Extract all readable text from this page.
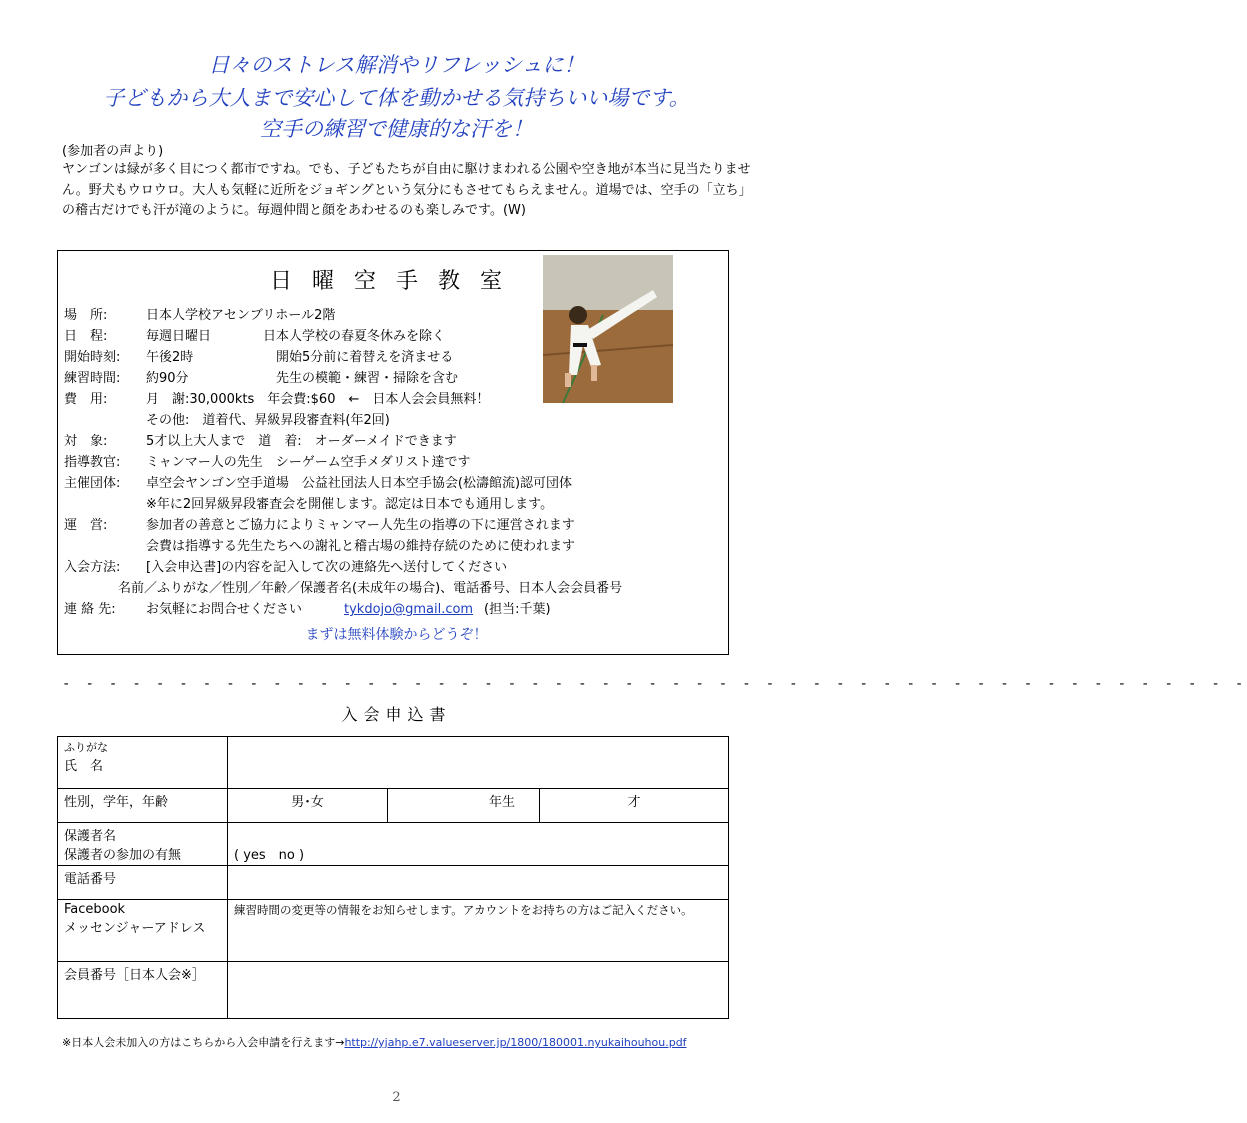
日々のストレス解消やリフレッシュに！
子どもから大人まで安心して体を動かせる気持ちいい場です。
空手の練習で健康的な汗を！
(参加者の声より)
ヤンゴンは緑が多く目につく都市ですね。でも、子どもたちが自由に駆けまわれる公園や空き地が本当に見当たりません。野犬もウロウロ。大人も気軽に近所をジョギングという気分にもさせてもらえません。道場では、空手の「立ち」の稽古だけでも汗が滝のように。毎週仲間と顔をあわせるのも楽しみです。(W)
日曜空手教室
場　所:	日本人学校アセンブリホール2階
日　程:	毎週日曜日	日本人学校の春夏冬休みを除く
開始時刻: 午後2時	開始5分前に着替えを済ませる
練習時間: 約90分	先生の模範・練習・掃除を含む
費　用:	月　謝:30,000kts　年会費:$60　←　日本人会会員無料！
その他:　道着代、昇級昇段審査料(年2回)
対　象:	5才以上大人まで　道　着:　オーダーメイドできます
指導教官: ミャンマー人の先生　シーゲーム空手メダリスト達です
主催団体: 卓空会ヤンゴン空手道場　公益社団法人日本空手協会(松濤館流)認可団体
※年に2回昇級昇段審査会を開催します。認定は日本でも通用します。
運　営:	参加者の善意とご協力によりミャンマー人先生の指導の下に運営されます
会費は指導する先生たちへの謝礼と稽古場の維持存続のために使われます
入会方法: [入会申込書]の内容を記入して次の連絡先へ送付してください
名前／ふりがな／性別／年齢／保護者名(未成年の場合)、電話番号、日本人会会員番号
連 絡 先: お気軽にお問合せください	tykdojo@gmail.com (担当:千葉)
まずは無料体験からどうぞ！
- - - - - - - - - - - - - - - - - - - - - - - - - - - - - - - - - - - - - - - - - - - - - - - - - - -
入会申込書
ふりがな
氏　名			

性別，学年，年齢	男･女	年生	才

保護者名
保護者の参加の有無	( yes　no )		
電話番号			

Facebook
メッセンジャーアドレス	練習時間の変更等の情報をお知らせします。アカウントをお持ちの方はご記入ください。		
会員番号［日本人会※］			
※日本人会未加入の方はこちらから入会申請を行えます→http://yjahp.e7.valueserver.jp/1800/180001.nyukaihouhou.pdf
2
